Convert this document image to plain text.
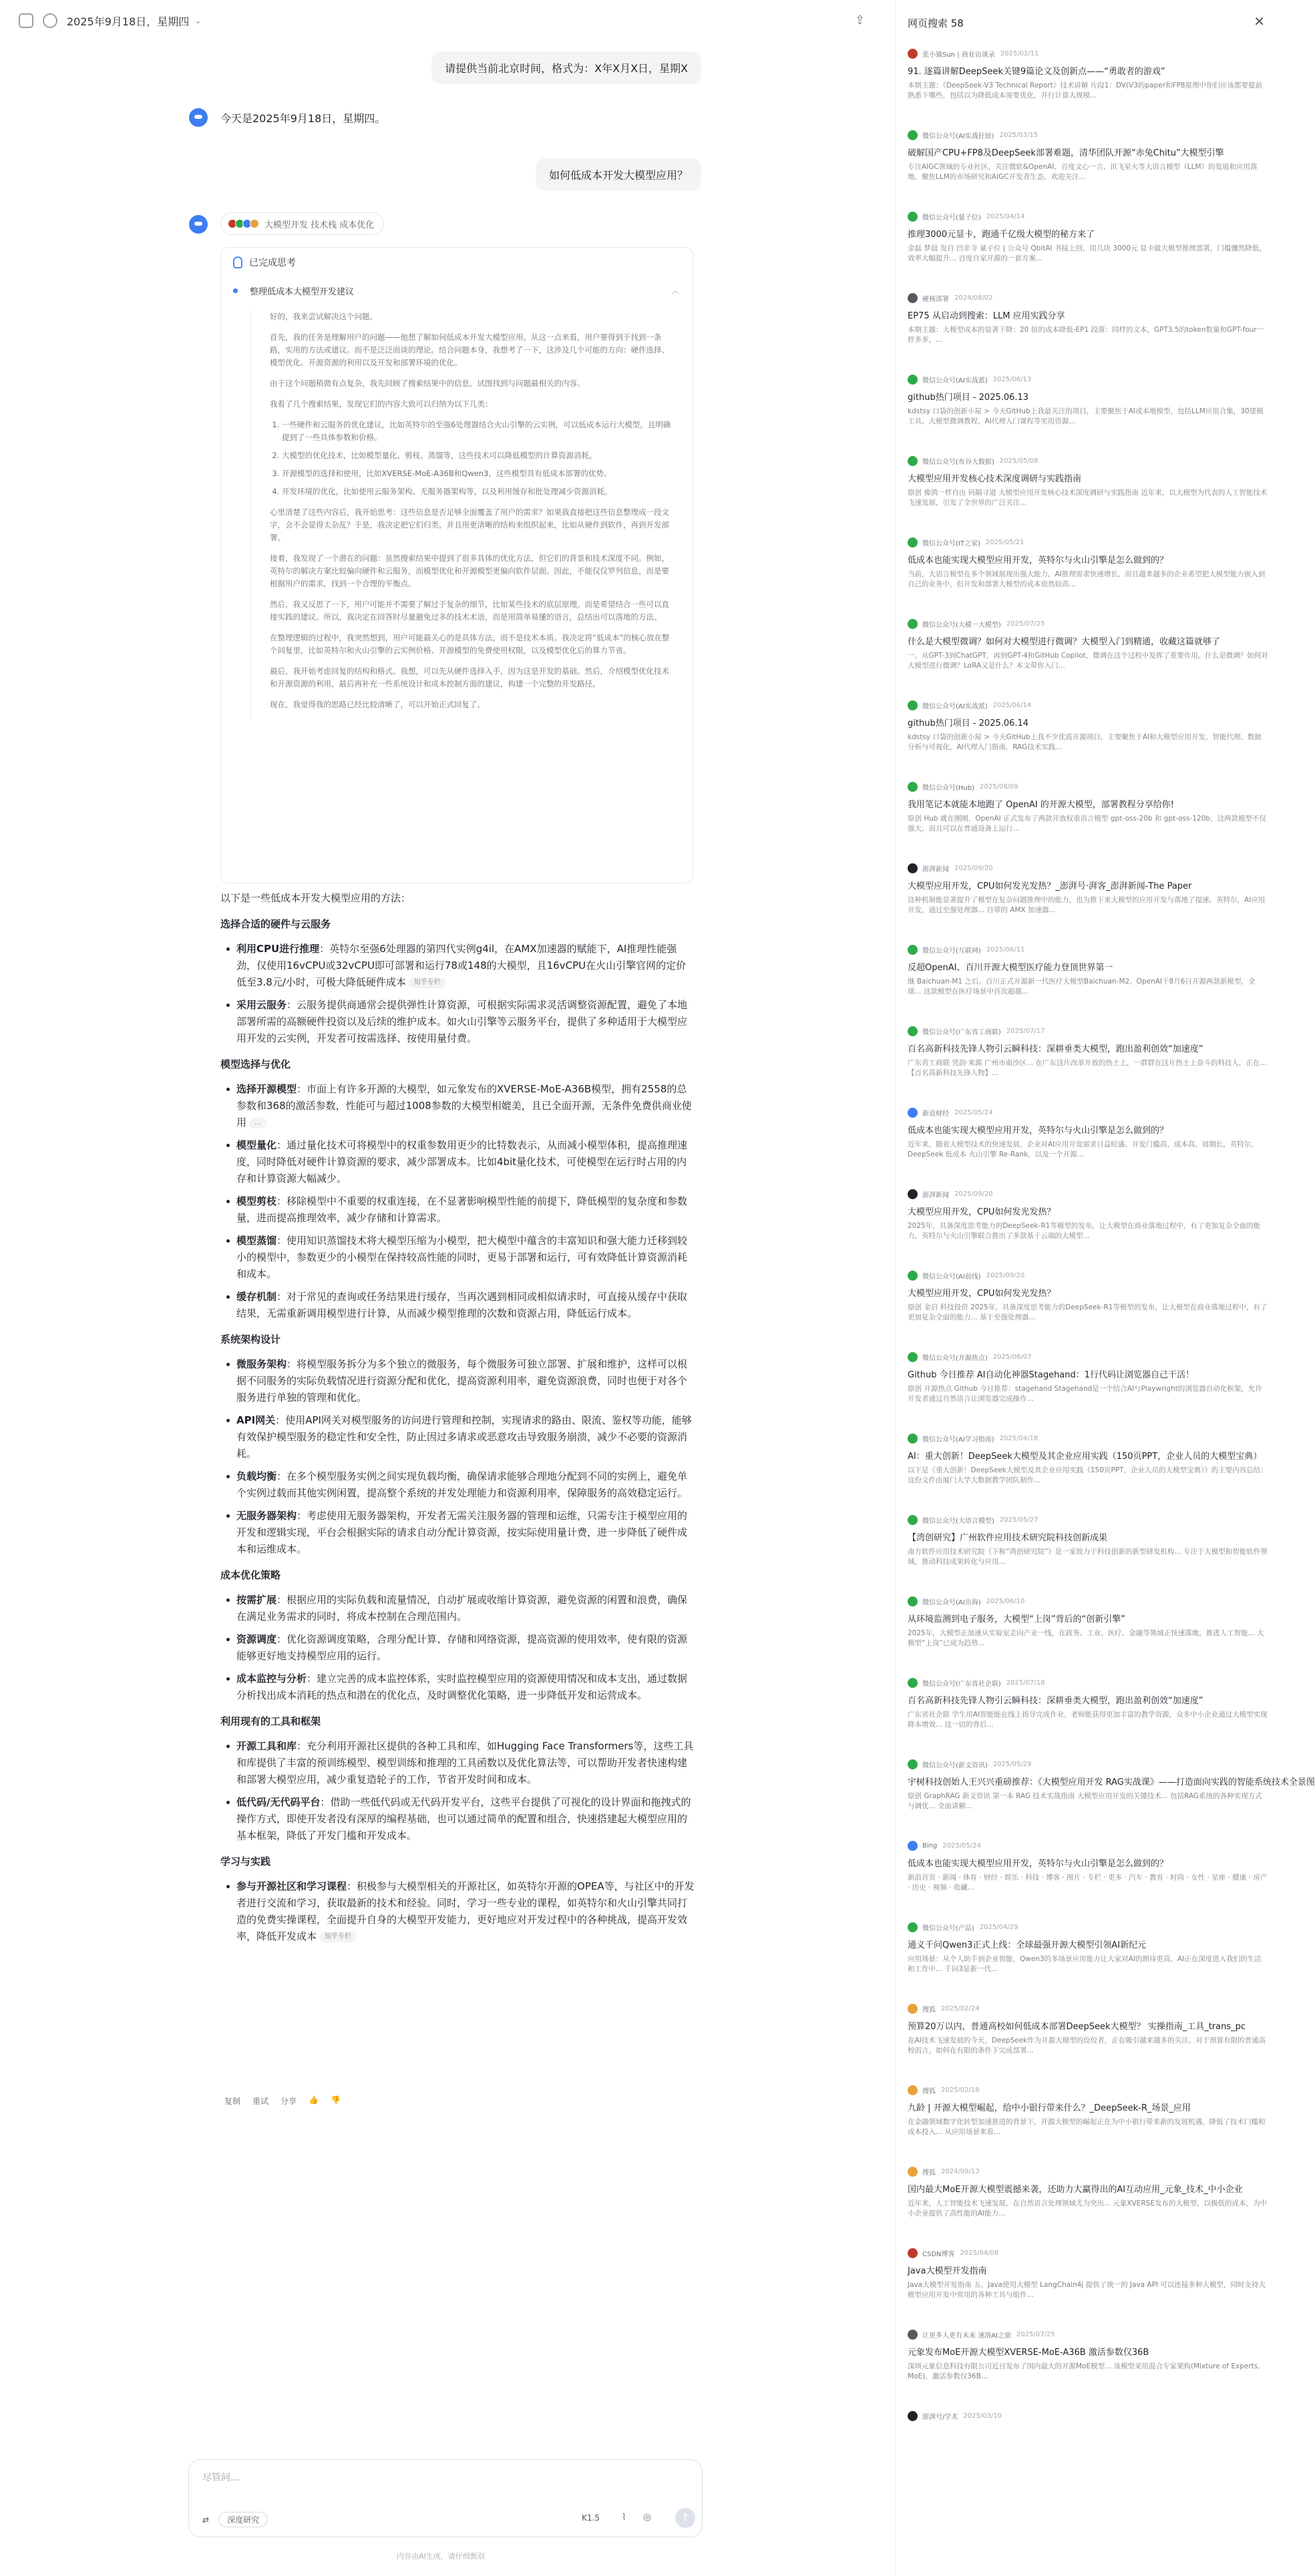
2025年9月18日，星期四 ⌄	⇪
请提供当前北京时间，格式为：X年X月X日，星期X
今天是2025年9月18日，星期四。
如何低成本开发大模型应用？
大模型开发 技术栈 成本优化
已完成思考
整理低成本大模型开发建议	︿

好的，我来尝试解决这个问题。

首先，我的任务是理解用户的问题——他想了解如何低成本开发大模型应用。从这一点来看，用户要得到于找到一条路，实用的方法或建议。而不是泛泛而谈的理论。结合问题本身，我想考了一下，这涉及几个可能的方向：硬件选择、模型优化、开源资源的利用以及开发和部署环境的优化。

由于这个问题稍微有点复杂，我先回顾了搜索结果中的信息，试图找到与问题最相关的内容。

我看了几个搜索结果，发现它们的内容大致可以归纳为以下几类：

1. 一些硬件和云服务的优化建议，比如英特尔的至强6处理器结合火山引擎的云实例，可以低成本运行大模型，且明确提到了一些具体参数和价格。
2. 大模型的优化技术，比如模型量化、剪枝、蒸馏等，这些技术可以降低模型的计算资源消耗。
3. 开源模型的选择和使用，比如XVERSE-MoE-A36B和Qwen3，这些模型具有低成本部署的优势。
4. 开发环境的优化，比如使用云服务架构、无服务器架构等，以及利用缓存和批处理减少资源消耗。

心里清楚了这些内容后，我开始思考：这些信息是否足够全面覆盖了用户的需求？如果我直接把这些信息整理成一段文字，会不会显得太杂乱？于是，我决定把它们归类，并且用更清晰的结构来组织起来，比如从硬件到软件，再到开发部署。

接着，我发现了一个潜在的问题：虽然搜索结果中提到了很多具体的优化方法，但它们的背景和技术深度不同。例如，英特尔的解决方案比较偏向硬件和云服务，而模型优化和开源模型更偏向软件层面。因此，不能仅仅罗列信息，而是要根据用户的需求，找到一个合理的平衡点。

然后，我又反思了一下，用户可能并不需要了解过于复杂的细节，比如某些技术的底层原理。而是希望结合一些可以直接实践的建议。所以，我决定在回答时尽量避免过多的技术术语，而是用简单易懂的语言，总结出可以落地的方法。

在整理逻辑的过程中，我突然想到，用户可能最关心的是具体方法，而不是技术本质。我决定将“低成本”的核心放在整个回复里，比如英特尔和火山引擎的云实例价格、开源模型的免费使用权限，以及模型优化后的算力节省。

最后，我开始考虑回复的结构和格式。我想，可以先从硬件选择入手，因为这是开发的基础。然后，介绍模型优化技术和开源资源的利用，最后再补充一些系统设计和成本控制方面的建议，构建一个完整的开发路径。

现在，我觉得我的思路已经比较清晰了，可以开始正式回复了。

以下是一些低成本开发大模型应用的方法：

选择合适的硬件与云服务
利用CPU进行推理：英特尔至强6处理器的第四代实例g4il，在AMX加速器的赋能下，AI推理性能强劲，仅使用16vCPU或32vCPU即可部署和运行78或148的大模型，且16vCPU在火山引擎官网的定价低至3.8元/小时，可极大降低硬件成本 知乎专栏
采用云服务：云服务提供商通常会提供弹性计算资源，可根据实际需求灵活调整资源配置，避免了本地部署所需的高额硬件投资以及后续的维护成本。如火山引擎等云服务平台，提供了多种适用于大模型应用开发的云实例，开发者可按需选择、按使用量付费。
模型选择与优化
选择开源模型：市面上有许多开源的大模型，如元象发布的XVERSE-MoE-A36B模型，拥有2558的总参数和368的激活参数，性能可与超过1008参数的大模型相媲美，且已全面开源，无条件免费供商业使用 …
模型量化：通过量化技术可将模型中的权重参数用更少的比特数表示，从而减小模型体积，提高推理速度，同时降低对硬件计算资源的要求，减少部署成本。比如4bit量化技术，可使模型在运行时占用的内存和计算资源大幅减少。
模型剪枝：移除模型中不重要的权重连接，在不显著影响模型性能的前提下，降低模型的复杂度和参数量，进而提高推理效率，减少存储和计算需求。
模型蒸馏：使用知识蒸馏技术将大模型压缩为小模型，把大模型中蕴含的丰富知识和强大能力迁移到较小的模型中，参数更少的小模型在保持较高性能的同时，更易于部署和运行，可有效降低计算资源消耗和成本。
缓存机制：对于常见的查询或任务结果进行缓存，当再次遇到相同或相似请求时，可直接从缓存中获取结果，无需重新调用模型进行计算，从而减少模型推理的次数和资源占用，降低运行成本。
系统架构设计
微服务架构：将模型服务拆分为多个独立的微服务，每个微服务可独立部署、扩展和维护，这样可以根据不同服务的实际负载情况进行资源分配和优化，提高资源利用率，避免资源浪费，同时也便于对各个服务进行单独的管理和优化。
API网关：使用API网关对模型服务的访问进行管理和控制，实现请求的路由、限流、鉴权等功能，能够有效保护模型服务的稳定性和安全性，防止因过多请求或恶意攻击导致服务崩溃，减少不必要的资源消耗。
负载均衡：在多个模型服务实例之间实现负载均衡，确保请求能够合理地分配到不同的实例上，避免单个实例过载而其他实例闲置，提高整个系统的并发处理能力和资源利用率，保障服务的高效稳定运行。
无服务器架构：考虑使用无服务器架构，开发者无需关注服务器的管理和运维，只需专注于模型应用的开发和逻辑实现，平台会根据实际的请求自动分配计算资源，按实际使用量计费，进一步降低了硬件成本和运维成本。
成本优化策略
按需扩展：根据应用的实际负载和流量情况，自动扩展或收缩计算资源，避免资源的闲置和浪费，确保在满足业务需求的同时，将成本控制在合理范围内。
资源调度：优化资源调度策略，合理分配计算、存储和网络资源，提高资源的使用效率，使有限的资源能够更好地支持模型应用的运行。
成本监控与分析：建立完善的成本监控体系，实时监控模型应用的资源使用情况和成本支出，通过数据分析找出成本消耗的热点和潜在的优化点，及时调整优化策略，进一步降低开发和运营成本。
利用现有的工具和框架
开源工具和库：充分利用开源社区提供的各种工具和库，如Hugging Face Transformers等，这些工具和库提供了丰富的预训练模型、模型训练和推理的工具函数以及优化算法等，可以帮助开发者快速构建和部署大模型应用，减少重复造轮子的工作，节省开发时间和成本。
低代码/无代码平台：借助一些低代码或无代码开发平台，这些平台提供了可视化的设计界面和拖拽式的操作方式，即使开发者没有深厚的编程基础，也可以通过简单的配置和组合，快速搭建起大模型应用的基本框架，降低了开发门槛和开发成本。
学习与实践
参与开源社区和学习课程：积极参与大模型相关的开源社区，如英特尔开源的OPEA等，与社区中的开发者进行交流和学习，获取最新的技术和经验。同时，学习一些专业的课程，如英特尔和火山引擎共同打造的免费实操课程，全面提升自身的大模型开发能力，更好地应对开发过程中的各种挑战，提高开发效率，降低开发成本 知乎专栏
复制 重试 分享 👍 👎
尽管问…
⇄	深度研究	K1.5 ⌇ ◎	↑
内容由AI生成，请仔细甄别
网页搜索 58	✕
张小猫Sun | 商业访谈录 2025/02/11
91. 逐篇讲解DeepSeek关键9篇论文及创新点——“勇敢者的游戏”
本期主题：《DeepSeek-V3 Technical Report》技术讲解 片段1：DV(V3的paper和FP8原理中你们应该都要提前熟悉下哪些，包括以为降低成本需要优化，并行计算大规模...
微信公众号(AI实战狂炫) 2025/03/15
破解国产CPU+FP8及DeepSeek部署难题，清华团队开源“赤兔Chitu”大模型引擎
专注AIGC领域的专业社区，关注微软&OpenAI、百度文心一言、讯飞星火等大语言模型（LLM）的发展和应用落地，聚焦LLM的市场研究和AIGC开发者生态，欢迎关注...
微信公众号(量子位) 2025/04/14
推理3000元显卡，跑通千亿级大模型的秘方来了
金磊 梦晨 发自 凹非寺 量子位 | 公众号 QbitAI 书接上回，用几块 3000元 显卡做大模型推理部署，门槛骤然降低，效率大幅提升... 百度自家开源的一套方案...
硬核部署 2024/08/02
EP75 从启动到搜索：LLM 应用实践分享
本期主题：大模型成本的显著下降：20 倍的成本降低-EP1 段落：同样的文本，GPT3.5的token数量和GPT-four一样多多，...
微信公众号(AI实战派) 2025/06/13
github热门项目 - 2025.06.13
kdstsy 口袋的创新小屋 > 今天GitHub上我最关注的项目，主要聚焦于AI或本地模型，包括LLM应用合集，30建模工具、大模型微调教程，AI代理入门课程等实用资源...
微信公众号(布谷大数据) 2025/05/08
大模型应用开发核心技术深度调研与实践指南
原创 像鸽一样自由 码隔寻道 大模型应用开发核心技术深度调研与实践指南 近年来，以大模型为代表的人工智能技术飞速发展，引发了全世界的广泛关注...
微信公众号(IT之家) 2025/05/21
低成本也能实现大模型应用开发，英特尔与火山引擎是怎么做到的？
当前，大语言模型在多个领域展现出强大能力，AI推理需求快速增长，而且越来越多的企业希望把大模型能力嵌入到自己的业务中，但开发和部署大模型的成本依然较高...
微信公众号(大模一大模型) 2025/07/25
什么是大模型微调？如何对大模型进行微调？大模型入门到精通，收藏这篇就够了
一、从GPT-3到ChatGPT，再到GPT-4和GitHub Copilot，微调在这个过程中发挥了重要作用。什么是微调？如何对大模型进行微调？LoRA又是什么？本文带你入门...
微信公众号(AI实战派) 2025/06/14
github热门项目 - 2025.06.14
kdstsy 口袋的创新小屋 > 今天GitHub上我不少优质开源项目，主要聚焦于AI和大模型应用开发、智能代理、数据分析与可视化，AI代理入门指南，RAG技术实践...
微信公众号(Hub) 2025/08/09
我用笔记本就能本地跑了 OpenAI 的开源大模型，部署教程分享给你!
原创 Hub 就在刚刚，OpenAI 正式发布了两款开放权重语言模型 gpt-oss-20b 和 gpt-oss-120b，这两款模型不仅强大，而且可以在普通设备上运行...
澎湃新闻 2025/09/20
大模型应用开发，CPU如何发光发热？_澎湃号·湃客_澎湃新闻-The Paper
这种机制能显著提升了模型在复杂问题推理中的能力，也为推下来大模型的应用开发与落地了提速。英特尔，AI应用开发，通过至强处理器... 自带的 AMX 加速器...
微信公众号(互联网) 2025/06/11
反超OpenAI、百川开源大模型医疗能力登顶世界第一
继 Baichuan-M1 之后，百川正式开源新一代医疗大模型Baichuan-M2。OpenAI于8月6日开源两款新模型，全球... 这款模型在医疗场景中首次超越...
微信公众号(广东省工商联) 2025/07/17
百名高新科技先锋人物引云瞬科技：深耕垂类大模型，跑出盈利创效“加速度”
广东省工商联 凭韵·来源 广州市南沙区... 在广东这片改革开放的热土上，一群群在这片热土上奋斗的科技人，正在... 【百名高新科技先锋人物】...
新浪财经 2025/05/24
低成本也能实现大模型应用开发，英特尔与火山引擎是怎么做到的？
近年来，随着大模型技术的快速发展，企业对AI应用开发需求日益旺盛。开发门槛高、成本高、周期长，英特尔，DeepSeek 低成本 火山引擎 Re-Rank，以及一个开源...
澎湃新闻 2025/09/20
大模型应用开发，CPU如何发光发热？
2025年，具备深度思考能力的DeepSeek-R1等模型的发布，让大模型在商业落地过程中，有了更加复杂全面的能力，英特尔与火山引擎联合推出了多款基于云端的大模型...
微信公众号(AI前线) 2025/09/20
大模型应用开发，CPU如何发光发热？
原创 金启 科技投资 2025年，具备深度思考能力的DeepSeek-R1等模型的发布，让大模型在商业落地过程中，有了更加复杂全面的能力... 基于至强处理器...
微信公众号(开源热点) 2025/06/07
Github 今日推荐 AI自动化神器Stagehand：1行代码让浏览器自己干活！
原创 开源热点 Github 今日推荐：stagehand Stagehand是一个结合AI与Playwright的浏览器自动化框架，允许开发者通过自然语言让浏览器完成操作...
微信公众号(AI学习指南) 2025/04/18
AI：重大创新！DeepSeek大模型及其企业应用实践（150页PPT，企业人员的大模型宝典）
以下是《重大创新！DeepSeek大模型及其企业应用实践（150页PPT，企业人员的大模型宝典）》的主要内容总结：这份文件由厦门大学大数据教学团队制作...
微信公众号(大语言模型) 2025/05/27
【湾创研究】广州软件应用技术研究院科技创新成果
南方软件应用技术研究院（下称“湾创研究院”）是一家致力于科技创新的新型研发机构... 专注于大模型和智能软件领域，推动科技成果转化与应用...
微信公众号(AI出海) 2025/06/10
从环境监测到电子服务，大模型“上岗”背后的“创新引擎”
2025年，大模型正加速从实验室走向产业一线，在政务、工业、医疗、金融等领域正快速落地，推进人工智能... 大模型“上岗”已成为趋势...
微信公众号(广东省社企联) 2025/07/18
百名高新科技先锋人物引云瞬科技：深耕垂类大模型，跑出盈利创效“加速度”
广东省社企联 学生用AI智能能在线上指导完成作业，老师能获得更加丰富的教学资源，众多中小企业通过大模型实现降本增效... 这一切的背后...
微信公众号(新文资讯) 2025/05/29
宇树科技创始人王兴兴重磅推荐：《大模型应用开发 RAG实战课》——打造面向实践的智能系统技术全景图
原创 GraphRAG 新文资讯 第一本 RAG 技术实战指南 大模型应用开发的关键技术... 包括RAG系统的各种实现方式与调优... 全面讲解...
Bing 2025/05/24
低成本也能实现大模型应用开发，英特尔与火山引擎是怎么做到的？
新浪首页 · 新闻 · 体育 · 财经 · 娱乐 · 科技 · 博客 · 图片 · 专栏 · 更多 · 汽车 · 教育 · 时尚 · 女性 · 星座 · 健康 · 房产 · 历史 · 视频 · 收藏...
微信公众号(产品) 2025/04/29
通义千问Qwen3正式上线：全球最强开源大模型引领AI新纪元
应用场景：从个人助手到企业智能，Qwen3的多场景应用能力让大家对AI的期待更高，AI正在深度进入我们的生活和工作中... 千问3是新一代...
搜狐 2025/02/24
预算20万以内，普通高校如何低成本部署DeepSeek大模型？ 实操指南_工具_trans_pc
在AI技术飞速发展的今天，DeepSeek作为开源大模型的佼佼者，正在吸引越来越多的关注。对于预算有限的普通高校而言，如何在有限的条件下完成部署...
搜狐 2025/02/18
九龄 | 开源大模型崛起，给中小银行带来什么？_DeepSeek-R_场景_应用
在金融领域数字化转型加速推进的背景下，开源大模型的崛起正在为中小银行带来新的发展机遇，降低了技术门槛和成本投入... 从应用场景来看...
搜狐 2024/09/13
国内最大MoE开源大模型震撼来袭，还助力大赢得出的AI互动应用_元象_技术_中小企业
近年来，人工智能技术飞速发展，在自然语言处理领域尤为突出... 元象XVERSE发布的大模型，以极低的成本，为中小企业提供了高性能的AI能力...
CSDN博客 2025/04/08
Java大模型开发指南
Java大模型开发指南 五、Java使用大模型 LangChain4j 提供了统一的 Java API 可以连接多种大模型，同时支持大模型应用开发中常用的各种工具与组件...
让更多人更有未来 速溶AI之旅 2025/07/25
元象发布MoE开源大模型XVERSE-MoE-A36B 激活参数仅36B
深圳元象信息科技有限公司近日发布了国内最大的开源MoE模型... 该模型采用混合专家架构(Mixture of Experts, MoE)，激活参数仅36B...
澎湃号/学术 2025/03/10
